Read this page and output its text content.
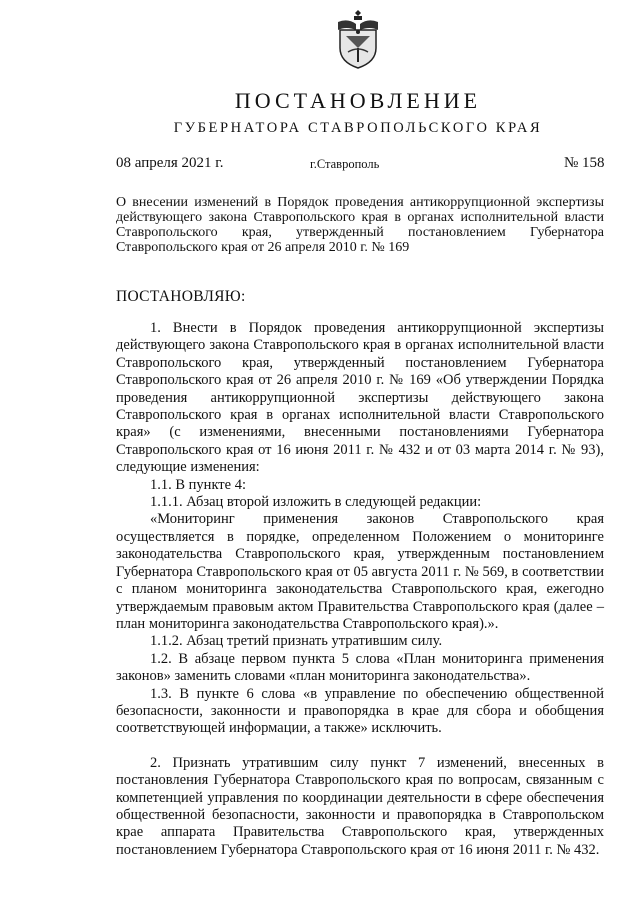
ПОСТАНОВЛЕНИЕ
ГУБЕРНАТОРА СТАВРОПОЛЬСКОГО КРАЯ
08 апреля 2021 г.	г.Ставрополь	№ 158
О внесении изменений в Порядок проведения антикоррупционной экспертизы действующего закона Ставропольского края в органах исполнительной власти Ставропольского края, утвержденный постановлением Губернатора Ставропольского края от 26 апреля 2010 г. № 169
ПОСТАНОВЛЯЮ:

1. Внести в Порядок проведения антикоррупционной экспертизы действующего закона Ставропольского края в органах исполнительной власти Ставропольского края, утвержденный постановлением Губернатора Ставропольского края от 26 апреля 2010 г. № 169 «Об утверждении Порядка проведения антикоррупционной экспертизы действующего закона Ставропольского края в органах исполнительной власти Ставропольского края» (с изменениями, внесенными постановлениями Губернатора Ставропольского края от 16 июня 2011 г. № 432 и от 03 марта 2014 г. № 93), следующие изменения:

1.1. В пункте 4:

1.1.1. Абзац второй изложить в следующей редакции:

«Мониторинг применения законов Ставропольского края осуществляется в порядке, определенном Положением о мониторинге законодательства Ставропольского края, утвержденным постановлением Губернатора Ставропольского края от 05 августа 2011 г. № 569, в соответствии с планом мониторинга законодательства Ставропольского края, ежегодно утверждаемым правовым актом Правительства Ставропольского края (далее – план мониторинга законодательства Ставропольского края).».

1.1.2. Абзац третий признать утратившим силу.

1.2. В абзаце первом пункта 5 слова «План мониторинга применения законов» заменить словами «план мониторинга законодательства».

1.3. В пункте 6 слова «в управление по обеспечению общественной безопасности, законности и правопорядка в крае для сбора и обобщения соответствующей информации, а также» исключить.

2. Признать утратившим силу пункт 7 изменений, внесенных в постановления Губернатора Ставропольского края по вопросам, связанным с компетенцией управления по координации деятельности в сфере обеспечения общественной безопасности, законности и правопорядка в Ставропольском крае аппарата Правительства Ставропольского края, утвержденных постановлением Губернатора Ставропольского края от 16 июня 2011 г. № 432.
